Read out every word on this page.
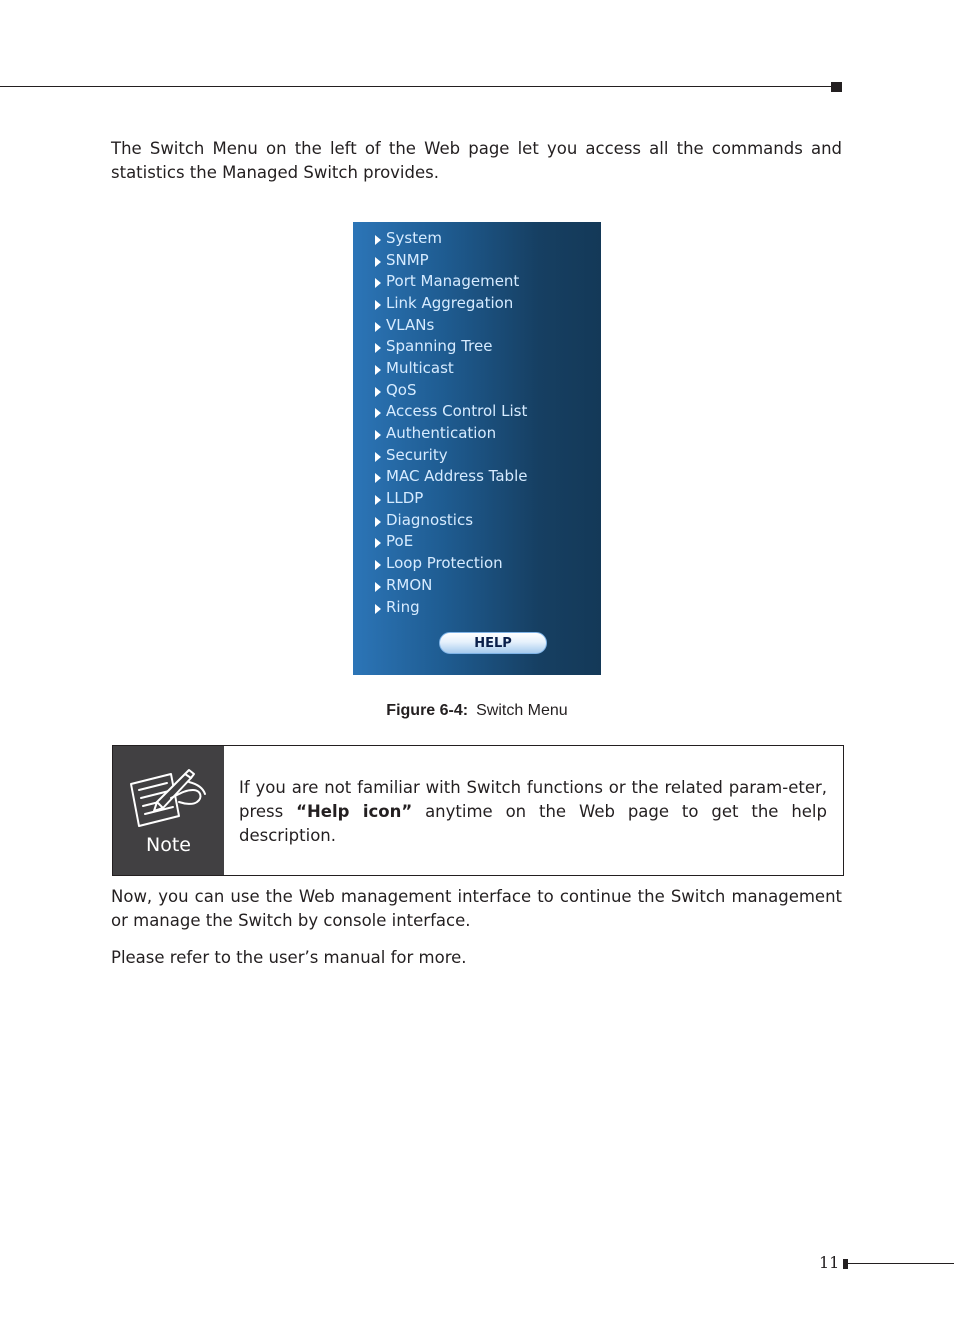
The Switch Menu on the left of the Web page let you access all the commands and statistics the Managed Switch provides.

System
SNMP
Port Management
Link Aggregation
VLANs
Spanning Tree
Multicast
QoS
Access Control List
Authentication
Security
MAC Address Table
LLDP
Diagnostics
PoE
Loop Protection
RMON
Ring
HELP
Figure 6-4: Switch Menu
Note

If you are not familiar with Switch functions or the related param-eter, press “Help icon” anytime on the Web page to get the help description.

Now, you can use the Web management interface to continue the Switch management or manage the Switch by console interface.

Please refer to the user’s manual for more.

11
